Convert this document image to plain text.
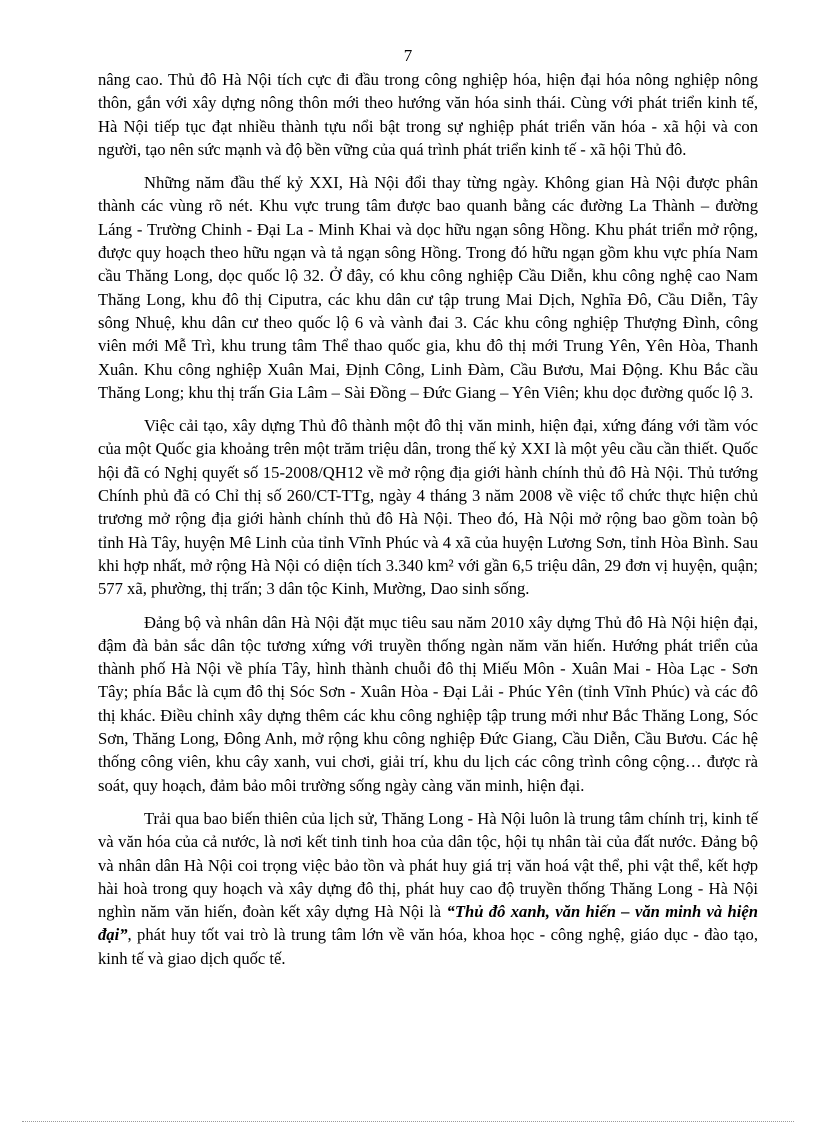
7

nâng cao. Thủ đô Hà Nội tích cực đi đầu trong công nghiệp hóa, hiện đại hóa nông nghiệp nông thôn, gắn với xây dựng nông thôn mới theo hướng văn hóa sinh thái. Cùng với phát triển kinh tế, Hà Nội tiếp tục đạt nhiều thành tựu nổi bật trong sự nghiệp phát triển văn hóa - xã hội và con người, tạo nên sức mạnh và độ bền vững của quá trình phát triển kinh tế - xã hội Thủ đô.

Những năm đầu thế kỷ XXI, Hà Nội đổi thay từng ngày. Không gian Hà Nội được phân thành các vùng rõ nét. Khu vực trung tâm được bao quanh bằng các đường La Thành – đường Láng - Trường Chinh - Đại La - Minh Khai và dọc hữu ngạn sông Hồng. Khu phát triển mở rộng, được quy hoạch theo hữu ngạn và tả ngạn sông Hồng. Trong đó hữu ngạn gồm khu vực phía Nam cầu Thăng Long, dọc quốc lộ 32. Ở đây, có khu công nghiệp Cầu Diễn, khu công nghệ cao Nam Thăng Long, khu đô thị Ciputra, các khu dân cư tập trung Mai Dịch, Nghĩa Đô, Cầu Diễn, Tây sông Nhuệ, khu dân cư theo quốc lộ 6 và vành đai 3. Các khu công nghiệp Thượng Đình, công viên mới Mễ Trì, khu trung tâm Thể thao quốc gia, khu đô thị mới Trung Yên, Yên Hòa, Thanh Xuân. Khu công nghiệp Xuân Mai, Định Công, Linh Đàm, Cầu Bươu, Mai Động. Khu Bắc cầu Thăng Long; khu thị trấn Gia Lâm – Sài Đồng – Đức Giang – Yên Viên; khu dọc đường quốc lộ 3.

Việc cải tạo, xây dựng Thủ đô thành một đô thị văn minh, hiện đại, xứng đáng với tầm vóc của một Quốc gia khoảng trên một trăm triệu dân, trong thế kỷ XXI là một yêu cầu cần thiết. Quốc hội đã có Nghị quyết số 15-2008/QH12 về mở rộng địa giới hành chính thủ đô Hà Nội. Thủ tướng Chính phủ đã có Chỉ thị số 260/CT-TTg, ngày 4 tháng 3 năm 2008 về việc tổ chức thực hiện chủ trương mở rộng địa giới hành chính thủ đô Hà Nội. Theo đó, Hà Nội mở rộng bao gồm toàn bộ tỉnh Hà Tây, huyện Mê Linh của tỉnh Vĩnh Phúc và 4 xã của huyện Lương Sơn, tỉnh Hòa Bình. Sau khi hợp nhất, mở rộng Hà Nội có diện tích 3.340 km² với gần 6,5 triệu dân, 29 đơn vị huyện, quận; 577 xã, phường, thị trấn; 3 dân tộc Kinh, Mường, Dao sinh sống.

Đảng bộ và nhân dân Hà Nội đặt mục tiêu sau năm 2010 xây dựng Thủ đô Hà Nội hiện đại, đậm đà bản sắc dân tộc tương xứng với truyền thống ngàn năm văn hiến. Hướng phát triển của thành phố Hà Nội về phía Tây, hình thành chuỗi đô thị Miếu Môn - Xuân Mai - Hòa Lạc - Sơn Tây; phía Bắc là cụm đô thị Sóc Sơn - Xuân Hòa - Đại Lải - Phúc Yên (tỉnh Vĩnh Phúc) và các đô thị khác. Điều chỉnh xây dựng thêm các khu công nghiệp tập trung mới như Bắc Thăng Long, Sóc Sơn, Thăng Long, Đông Anh, mở rộng khu công nghiệp Đức Giang, Cầu Diễn, Cầu Bươu. Các hệ thống công viên, khu cây xanh, vui chơi, giải trí, khu du lịch các công trình công cộng… được rà soát, quy hoạch, đảm bảo môi trường sống ngày càng văn minh, hiện đại.

Trải qua bao biến thiên của lịch sử, Thăng Long - Hà Nội luôn là trung tâm chính trị, kinh tế và văn hóa của cả nước, là nơi kết tinh tinh hoa của dân tộc, hội tụ nhân tài của đất nước. Đảng bộ và nhân dân Hà Nội coi trọng việc bảo tồn và phát huy giá trị văn hoá vật thể, phi vật thể, kết hợp hài hoà trong quy hoạch và xây dựng đô thị, phát huy cao độ truyền thống Thăng Long - Hà Nội nghìn năm văn hiến, đoàn kết xây dựng Hà Nội là “Thủ đô xanh, văn hiến – văn minh và hiện đại”, phát huy tốt vai trò là trung tâm lớn về văn hóa, khoa học - công nghệ, giáo dục - đào tạo, kinh tế và giao dịch quốc tế.
